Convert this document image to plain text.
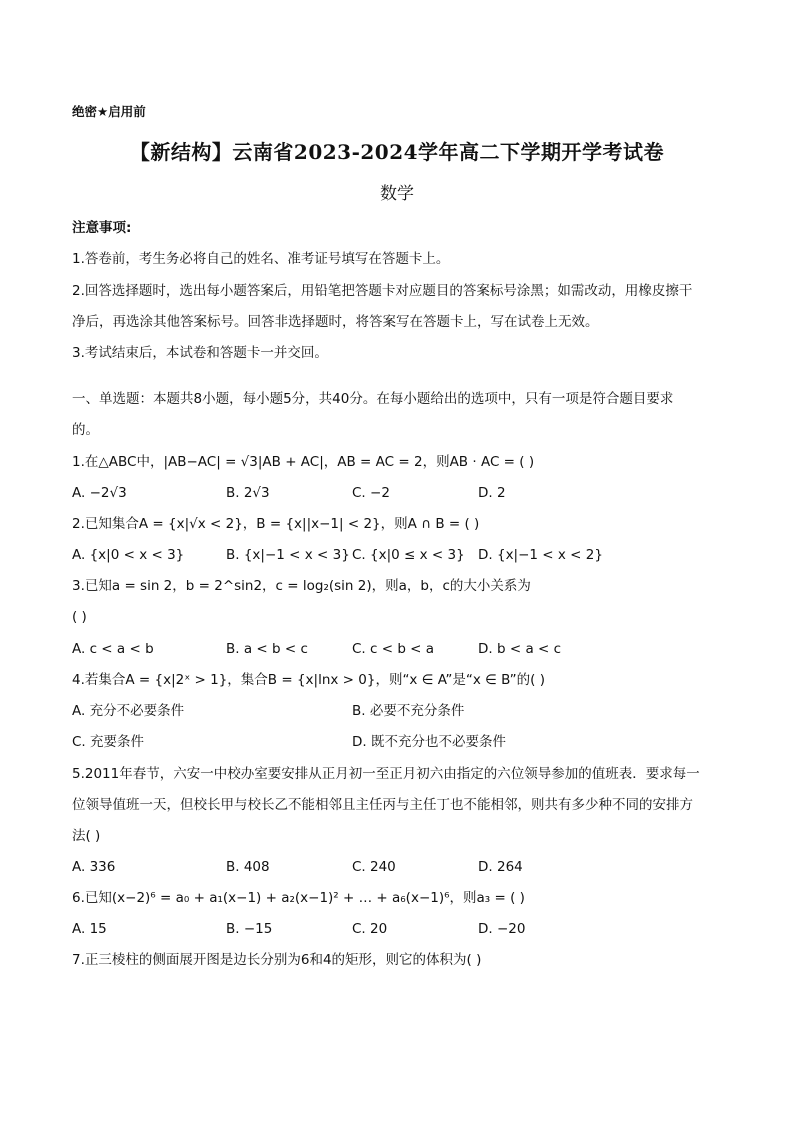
绝密★启用前
【新结构】云南省2023-2024学年高二下学期开学考试卷
数学
注意事项:
1.答卷前，考生务必将自己的姓名、准考证号填写在答题卡上。
2.回答选择题时，选出每小题答案后，用铅笔把答题卡对应题目的答案标号涂黑；如需改动，用橡皮擦干
净后，再选涂其他答案标号。回答非选择题时，将答案写在答题卡上，写在试卷上无效。
3.考试结束后，本试卷和答题卡一并交回。
一、单选题：本题共8小题，每小题5分，共40分。在每小题给出的选项中，只有一项是符合题目要求
的。
1.在△ABC中，|AB−AC| = √3|AB + AC|，AB = AC = 2，则AB · AC = ( )
A. −2√3	B. 2√3	C. −2	D. 2
2.已知集合A = {x|√x < 2}，B = {x||x−1| < 2}，则A ∩ B = ( )
A. {x|0 < x < 3}	B. {x|−1 < x < 3} C. {x|0 ≤ x < 3} D. {x|−1 < x < 2}
3.已知a = sin 2，b = 2^sin2，c = log₂(sin 2)，则a，b，c的大小关系为
( )
A. c < a < b	B. a < b < c	C. c < b < a	D. b < a < c
4.若集合A = {x|2ˣ > 1}，集合B = {x|lnx > 0}，则“x ∈ A”是“x ∈ B”的( )
A. 充分不必要条件	B. 必要不充分条件
C. 充要条件	D. 既不充分也不必要条件
5.2011年春节，六安一中校办室要安排从正月初一至正月初六由指定的六位领导参加的值班表．要求每一
位领导值班一天，但校长甲与校长乙不能相邻且主任丙与主任丁也不能相邻，则共有多少种不同的安排方
法( )
A. 336	B. 408	C. 240	D. 264
6.已知(x−2)⁶ = a₀ + a₁(x−1) + a₂(x−1)² + … + a₆(x−1)⁶，则a₃ = ( )
A. 15	B. −15	C. 20	D. −20
7.正三棱柱的侧面展开图是边长分别为6和4的矩形，则它的体积为( )
